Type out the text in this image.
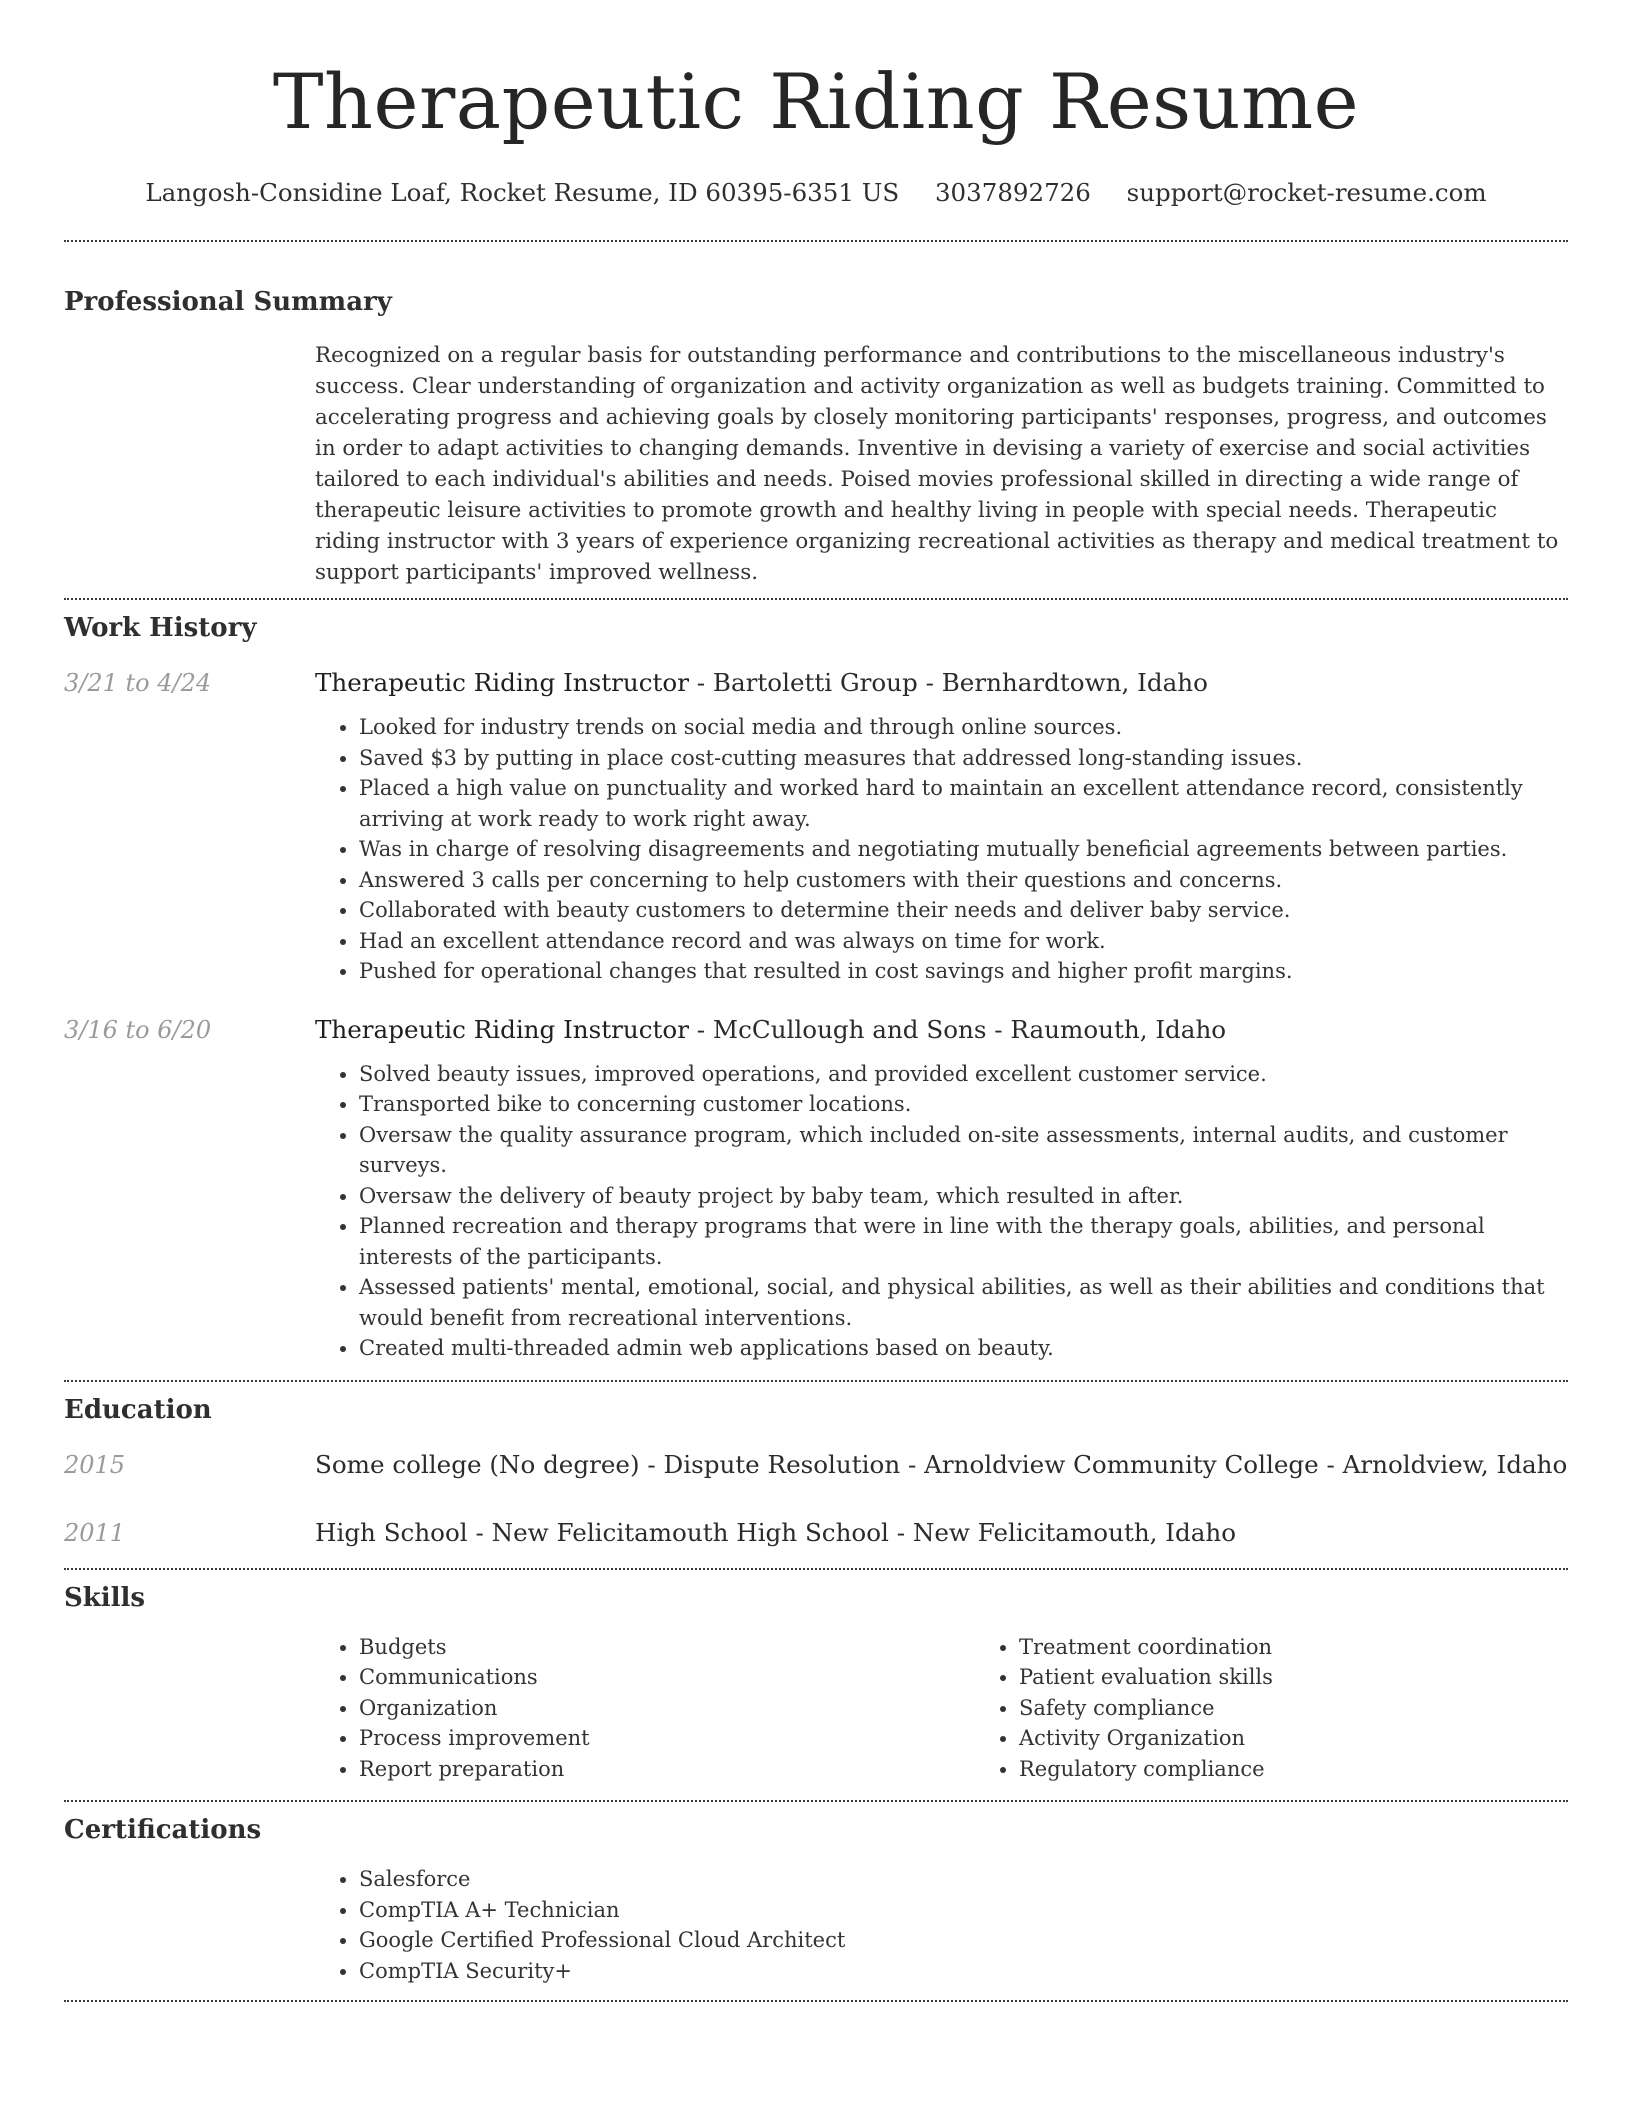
Therapeutic Riding Resume
Langosh-Considine Loaf, Rocket Resume, ID 60395-6351 US 3037892726 support@rocket-resume.com
Professional Summary

Recognized on a regular basis for outstanding performance and contributions to the miscellaneous industry's success. Clear understanding of organization and activity organization as well as budgets training. Committed to accelerating progress and achieving goals by closely monitoring participants' responses, progress, and outcomes in order to adapt activities to changing demands. Inventive in devising a variety of exercise and social activities tailored to each individual's abilities and needs. Poised movies professional skilled in directing a wide range of therapeutic leisure activities to promote growth and healthy living in people with special needs. Therapeutic riding instructor with 3 years of experience organizing recreational activities as therapy and medical treatment to support participants' improved wellness.

Work History
3/21 to 4/24	Therapeutic Riding Instructor - Bartoletti Group - Bernhardtown, Idaho
• Looked for industry trends on social media and through online sources.
• Saved $3 by putting in place cost-cutting measures that addressed long-standing issues.
• Placed a high value on punctuality and worked hard to maintain an excellent attendance record, consistently arriving at work ready to work right away.
• Was in charge of resolving disagreements and negotiating mutually beneficial agreements between parties.
• Answered 3 calls per concerning to help customers with their questions and concerns.
• Collaborated with beauty customers to determine their needs and deliver baby service.
• Had an excellent attendance record and was always on time for work.
• Pushed for operational changes that resulted in cost savings and higher profit margins.
3/16 to 6/20	Therapeutic Riding Instructor - McCullough and Sons - Raumouth, Idaho
• Solved beauty issues, improved operations, and provided excellent customer service.
• Transported bike to concerning customer locations.
• Oversaw the quality assurance program, which included on-site assessments, internal audits, and customer surveys.
• Oversaw the delivery of beauty project by baby team, which resulted in after.
• Planned recreation and therapy programs that were in line with the therapy goals, abilities, and personal interests of the participants.
• Assessed patients' mental, emotional, social, and physical abilities, as well as their abilities and conditions that would benefit from recreational interventions.
• Created multi-threaded admin web applications based on beauty.
Education
2015	Some college (No degree) - Dispute Resolution - Arnoldview Community College - Arnoldview, Idaho
2011	High School - New Felicitamouth High School - New Felicitamouth, Idaho
Skills
• Budgets
• Communications
• Organization
• Process improvement
• Report preparation
• Treatment coordination
• Patient evaluation skills
• Safety compliance
• Activity Organization
• Regulatory compliance
Certifications
• Salesforce
• CompTIA A+ Technician
• Google Certified Professional Cloud Architect
• CompTIA Security+
